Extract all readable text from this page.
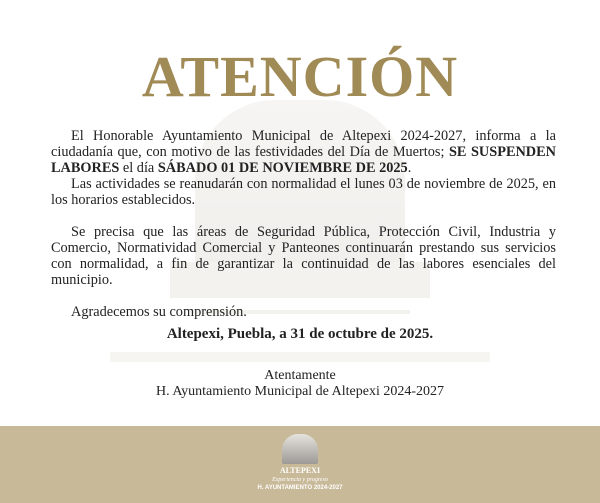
ATENCIÓN

El Honorable Ayuntamiento Municipal de Altepexi 2024-2027, informa a la ciudadanía que, con motivo de las festividades del Día de Muertos; SE SUSPENDEN LABORES el día SÁBADO 01 DE NOVIEMBRE DE 2025.

Las actividades se reanudarán con normalidad el lunes 03 de noviembre de 2025, en los horarios establecidos.

Se precisa que las áreas de Seguridad Pública, Protección Civil, Industria y Comercio, Normatividad Comercial y Panteones continuarán prestando sus servicios con normalidad, a fin de garantizar la continuidad de las labores esenciales del municipio.

Agradecemos su comprensión.

Altepexi, Puebla, a 31 de octubre de 2025.
Atentamente
H. Ayuntamiento Municipal de Altepexi 2024-2027
ALTEPEXI
Experiencia y progreso
H. AYUNTAMIENTO 2024-2027
